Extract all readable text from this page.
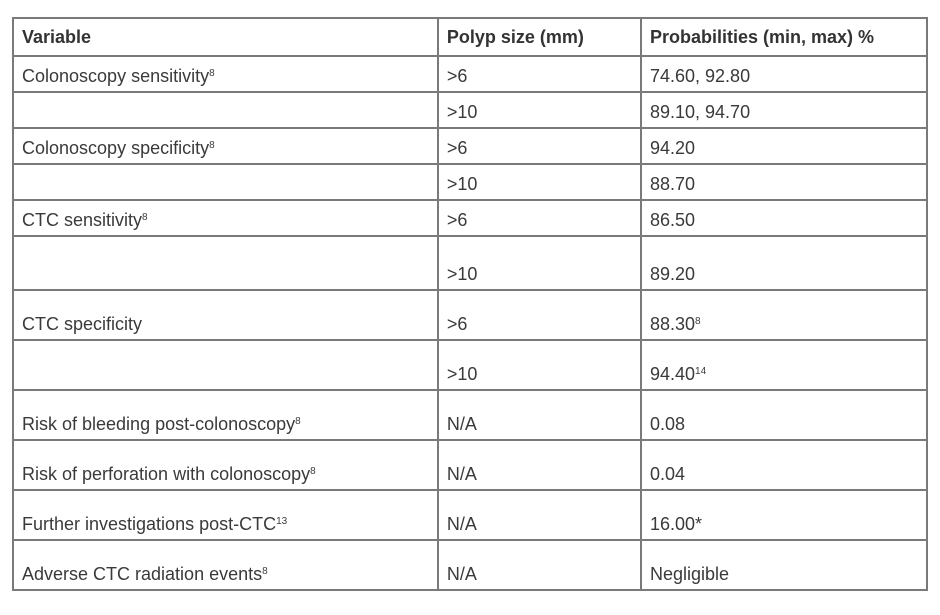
Variable	Polyp size (mm)	Probabilities (min, max) %
Colonoscopy sensitivity$^8$	>6	74.60, 92.80
	>10	89.10, 94.70
Colonoscopy specificity$^8$	>6	94.20
	>10	88.70
CTC sensitivity$^8$	>6	86.50
	>10	89.20
CTC specificity	>6	88.30$^8$
	>10	94.40$^{14}$
Risk of bleeding post-colonoscopy$^8$	N/A	0.08
Risk of perforation with colonoscopy$^8$	N/A	0.04
Further investigations post-CTC$^{13}$	N/A	16.00*
Adverse CTC radiation events$^8$	N/A	Negligible
